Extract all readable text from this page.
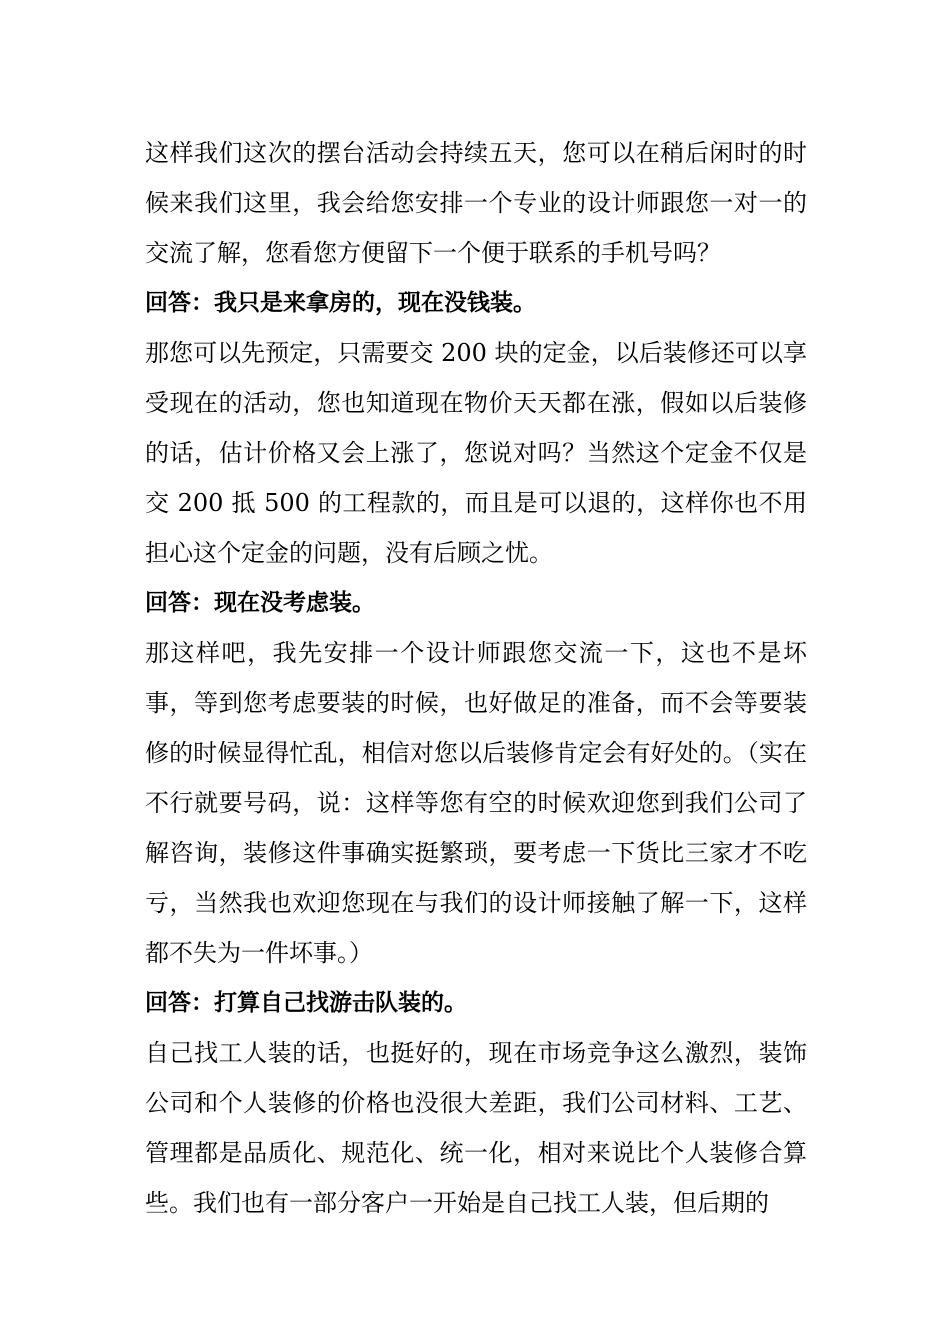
这样我们这次的摆台活动会持续五天，您可以在稍后闲时的时候来我们这里，我会给您安排一个专业的设计师跟您一对一的交流了解，您看您方便留下一个便于联系的手机号吗？

回答：我只是来拿房的，现在没钱装。

那您可以先预定，只需要交 200 块的定金，以后装修还可以享受现在的活动，您也知道现在物价天天都在涨，假如以后装修的话，估计价格又会上涨了，您说对吗？当然这个定金不仅是交 200 抵 500 的工程款的，而且是可以退的，这样你也不用担心这个定金的问题，没有后顾之忧。

回答：现在没考虑装。

那这样吧，我先安排一个设计师跟您交流一下，这也不是坏事，等到您考虑要装的时候，也好做足的准备，而不会等要装修的时候显得忙乱，相信对您以后装修肯定会有好处的。（实在不行就要号码，说：这样等您有空的时候欢迎您到我们公司了解咨询，装修这件事确实挺繁琐，要考虑一下货比三家才不吃亏，当然我也欢迎您现在与我们的设计师接触了解一下，这样都不失为一件坏事。）

回答：打算自己找游击队装的。

自己找工人装的话，也挺好的，现在市场竞争这么激烈，装饰公司和个人装修的价格也没很大差距，我们公司材料、工艺、管理都是品质化、规范化、统一化，相对来说比个人装修合算些。我们也有一部分客户一开始是自己找工人装，但后期的
